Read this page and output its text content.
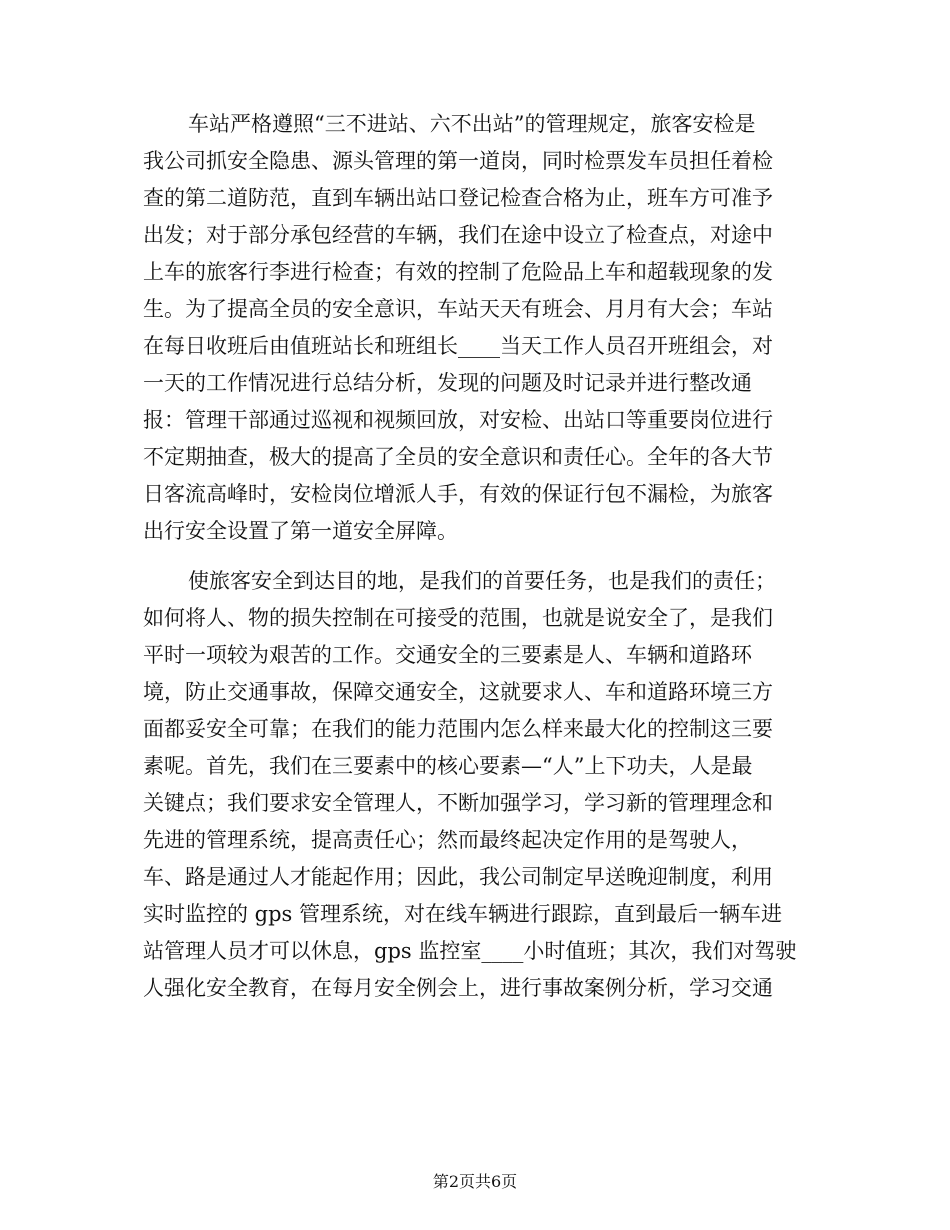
车站严格遵照“三不进站、六不出站”的管理规定，旅客安检是
我公司抓安全隐患、源头管理的第一道岗，同时检票发车员担任着检
查的第二道防范，直到车辆出站口登记检查合格为止，班车方可准予
出发；对于部分承包经营的车辆，我们在途中设立了检查点，对途中
上车的旅客行李进行检查；有效的控制了危险品上车和超载现象的发
生。为了提高全员的安全意识，车站天天有班会、月月有大会；车站
在每日收班后由值班站长和班组长____当天工作人员召开班组会，对
一天的工作情况进行总结分析，发现的问题及时记录并进行整改通
报：管理干部通过巡视和视频回放，对安检、出站口等重要岗位进行
不定期抽查，极大的提高了全员的安全意识和责任心。全年的各大节
日客流高峰时，安检岗位增派人手，有效的保证行包不漏检，为旅客
出行安全设置了第一道安全屏障。
使旅客安全到达目的地，是我们的首要任务，也是我们的责任；
如何将人、物的损失控制在可接受的范围，也就是说安全了，是我们
平时一项较为艰苦的工作。交通安全的三要素是人、车辆和道路环
境，防止交通事故，保障交通安全，这就要求人、车和道路环境三方
面都妥安全可靠；在我们的能力范围内怎么样来最大化的控制这三要
素呢。首先，我们在三要素中的核心要素—“人”上下功夫，人是最
关键点；我们要求安全管理人，不断加强学习，学习新的管理理念和
先进的管理系统，提高责任心；然而最终起决定作用的是驾驶人，
车、路是通过人才能起作用；因此，我公司制定早送晚迎制度，利用
实时监控的 gps 管理系统，对在线车辆进行跟踪，直到最后一辆车进
站管理人员才可以休息，gps 监控室____小时值班；其次，我们对驾驶
人强化安全教育，在每月安全例会上，进行事故案例分析，学习交通
第2页共6页
